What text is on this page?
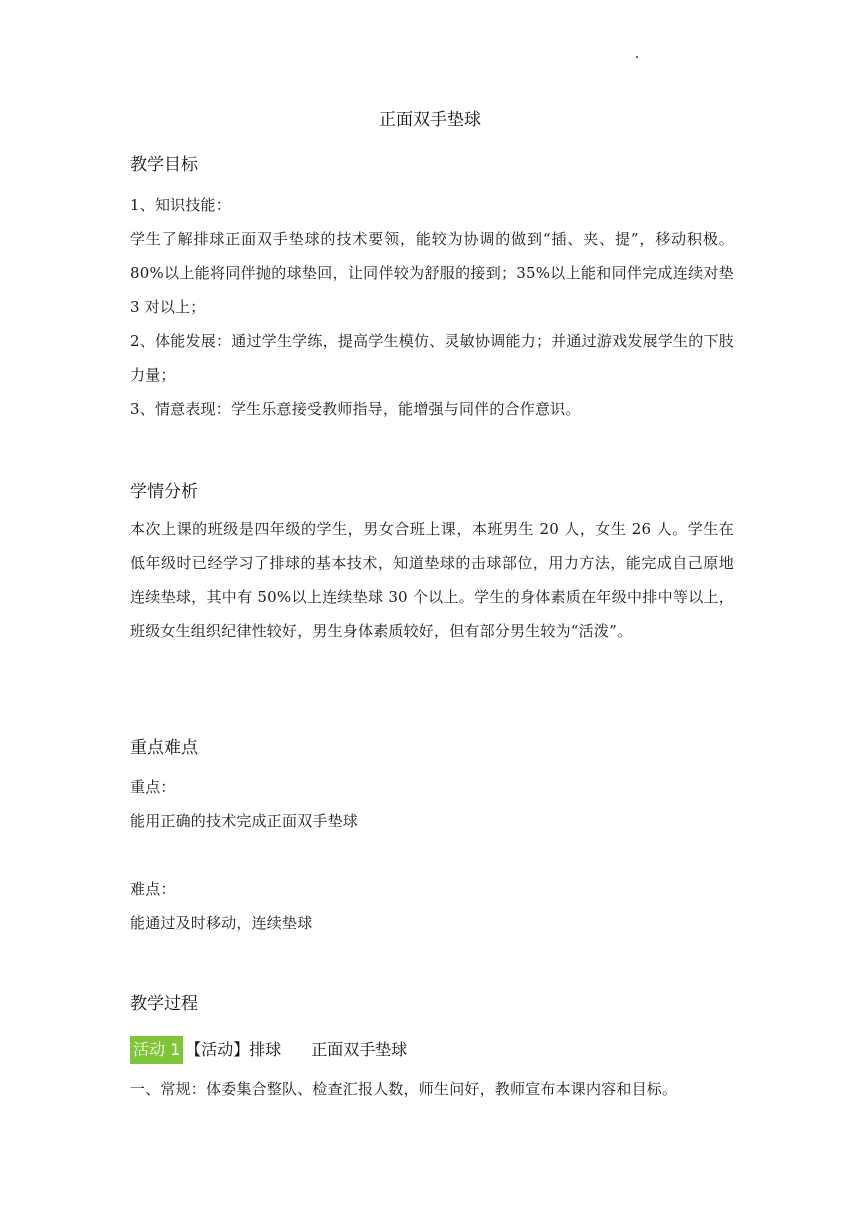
正面双手垫球
教学目标

1、知识技能：

学生了解排球正面双手垫球的技术要领，能较为协调的做到“插、夹、提”，移动积极。80%以上能将同伴抛的球垫回，让同伴较为舒服的接到；35%以上能和同伴完成连续对垫 3 对以上；

2、体能发展：通过学生学练，提高学生模仿、灵敏协调能力；并通过游戏发展学生的下肢力量；

3、情意表现：学生乐意接受教师指导，能增强与同伴的合作意识。

学情分析

本次上课的班级是四年级的学生，男女合班上课，本班男生 20 人，女生 26 人。学生在低年级时已经学习了排球的基本技术，知道垫球的击球部位，用力方法，能完成自己原地连续垫球，其中有 50%以上连续垫球 30 个以上。学生的身体素质在年级中排中等以上，班级女生组织纪律性较好，男生身体素质较好，但有部分男生较为“活泼”。

重点难点

重点：

能用正确的技术完成正面双手垫球

难点：

能通过及时移动，连续垫球

教学过程
活动 1 【活动】排球 正面双手垫球

一、常规：体委集合整队、检查汇报人数，师生问好，教师宣布本课内容和目标。
